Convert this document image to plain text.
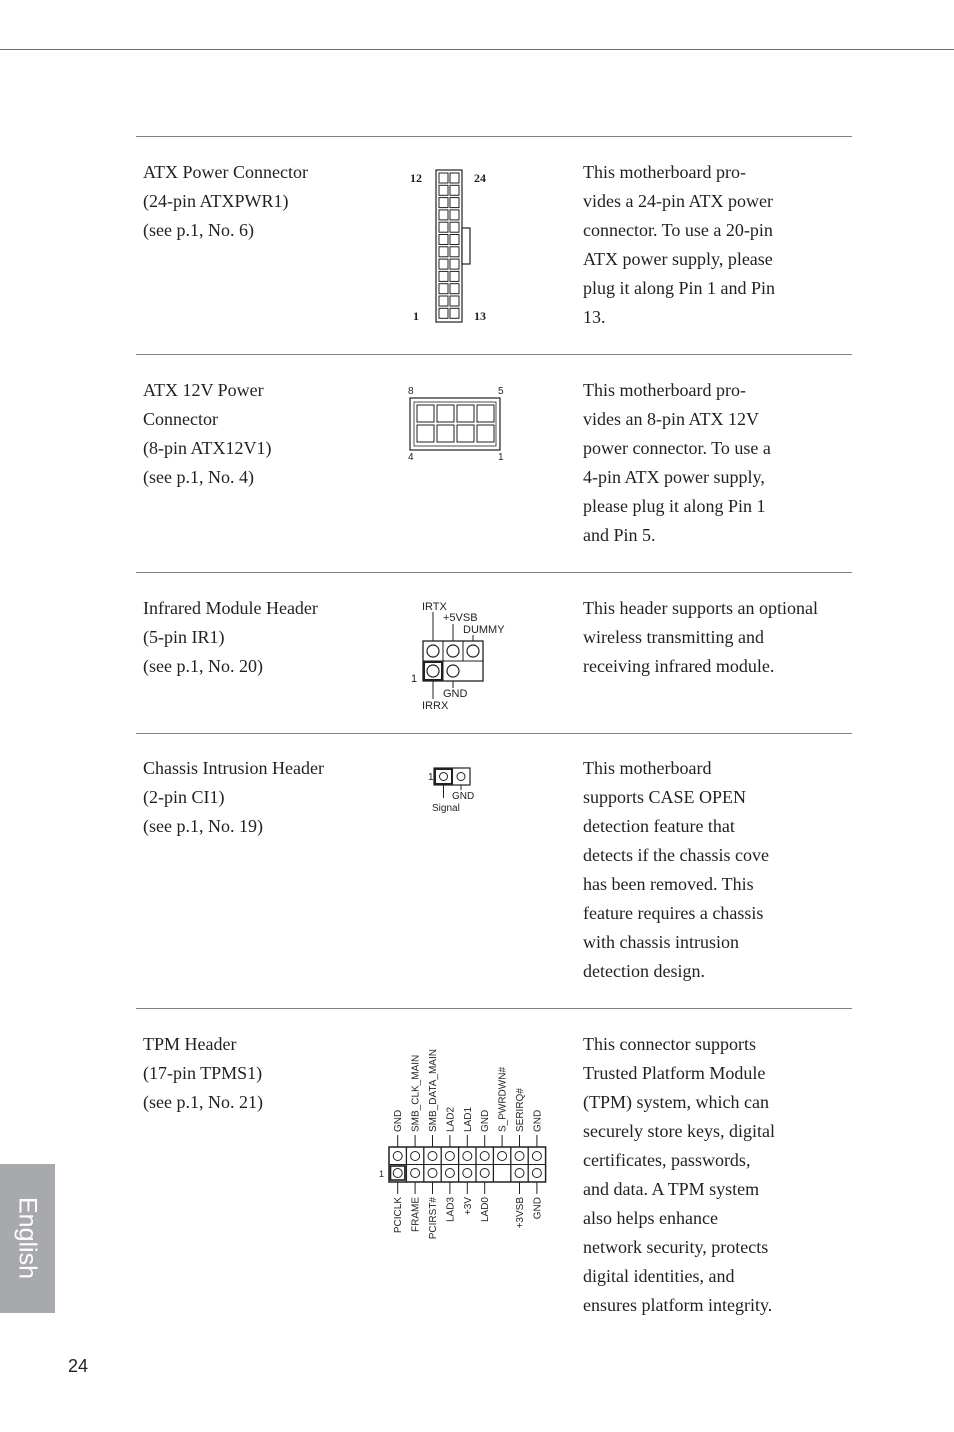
ATX Power Connector
(24-pin ATXPWR1)
(see p.1, No. 6)
12	24
1	13
This motherboard pro-
vides a 24-pin ATX power
connector. To use a 20-pin
ATX power supply, please
plug it along Pin 1 and Pin
13.
ATX 12V Power
Connector
(8-pin ATX12V1)
(see p.1, No. 4)
8	5
4	1
This motherboard pro-
vides an 8-pin ATX 12V
power connector. To use a
4-pin ATX power supply,
please plug it along Pin 1
and Pin 5.
Infrared Module Header
(5-pin IR1)
(see p.1, No. 20)
IRTX
+5VSB
DUMMY
1
GND
IRRX
This header supports an optional
wireless transmitting and
receiving infrared module.
Chassis Intrusion Header
(2-pin CI1)
(see p.1, No. 19)
1
GND
Signal
This motherboard
supports CASE OPEN
detection feature that
detects if the chassis cove
has been removed. This
feature requires a chassis
with chassis intrusion
detection design.
TPM Header
(17-pin TPMS1)
(see p.1, No. 21)
1
GND SMB_CLK_MAIN SMB_DATA_MAIN LAD2 LAD1 GND S_PWRDWN# SERIRQ# GND
PCICLK FRAME PCIRST# LAD3 +3V LAD0 +3VSB GND
This connector supports
Trusted Platform Module
(TPM) system, which can
securely store keys, digital
certificates, passwords,
and data. A TPM system
also helps enhance
network security, protects
digital identities, and
ensures platform integrity.
English
24
